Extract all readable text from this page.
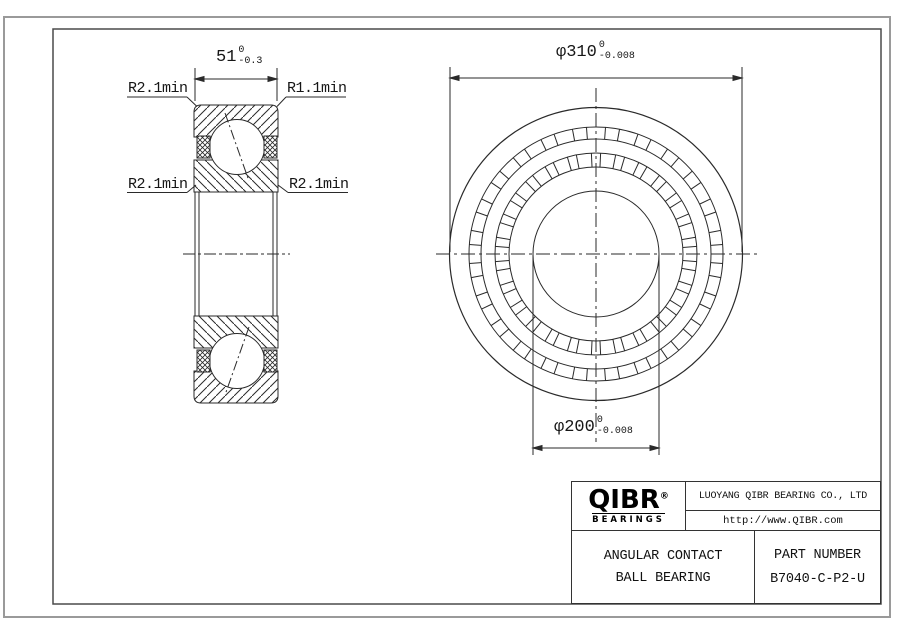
51 0
-0.3	φ310 0
-0.008
φ200 0
-0.008
R2.1min	R1.1min
R2.1min	R2.1min
QIBR®
BEARINGS
LUOYANG QIBR BEARING CO., LTD
http://www.QIBR.com
ANGULAR CONTACT
BALL BEARING
PART NUMBER
B7040-C-P2-U
